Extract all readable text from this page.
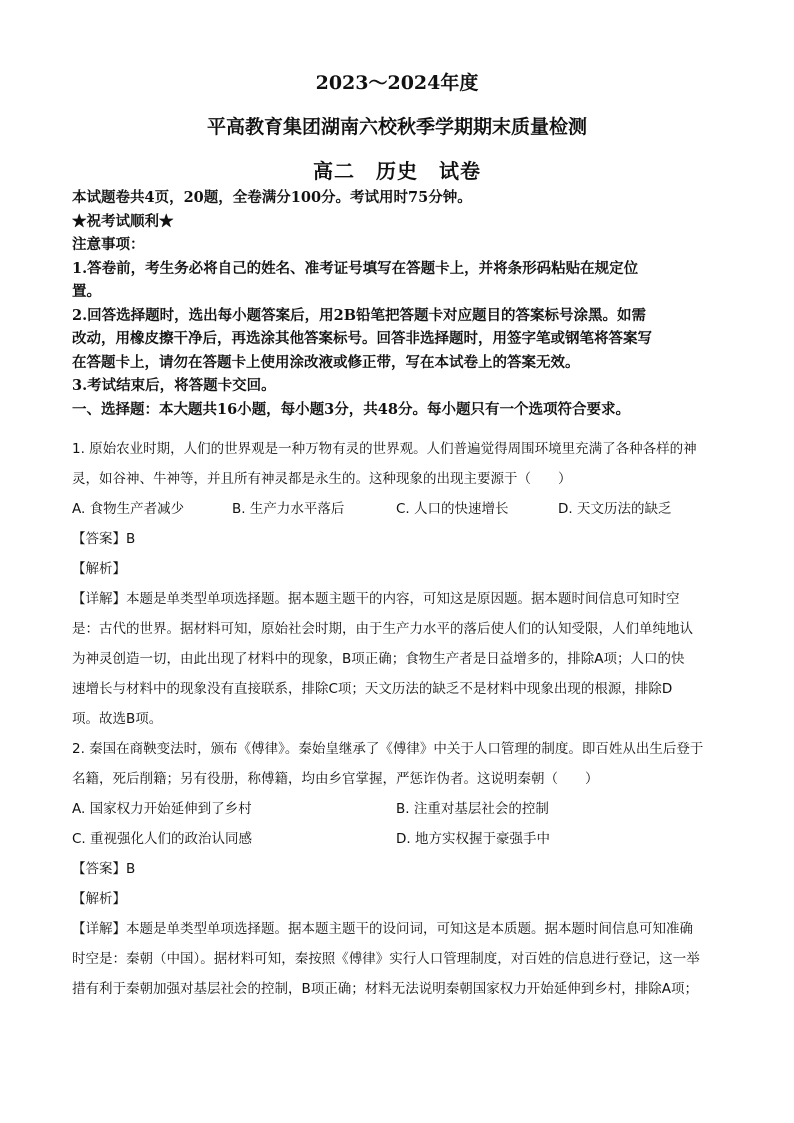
2023～2024年度
平高教育集团湖南六校秋季学期期末质量检测
高二　历史　试卷
本试题卷共4页，20题，全卷满分100分。考试用时75分钟。
★祝考试顺利★
注意事项：
1.答卷前，考生务必将自己的姓名、准考证号填写在答题卡上，并将条形码粘贴在规定位
置。
2.回答选择题时，选出每小题答案后，用2B铅笔把答题卡对应题目的答案标号涂黑。如需
改动，用橡皮擦干净后，再选涂其他答案标号。回答非选择题时，用签字笔或钢笔将答案写
在答题卡上，请勿在答题卡上使用涂改液或修正带，写在本试卷上的答案无效。
3.考试结束后，将答题卡交回。
一、选择题：本大题共16小题，每小题3分，共48分。每小题只有一个选项符合要求。
1. 原始农业时期，人们的世界观是一种万物有灵的世界观。人们普遍觉得周围环境里充满了各种各样的神
灵，如谷神、牛神等，并且所有神灵都是永生的。这种现象的出现主要源于（　　）
A. 食物生产者减少	B. 生产力水平落后	C. 人口的快速增长	D. 天文历法的缺乏
【答案】B
【解析】
【详解】本题是单类型单项选择题。据本题主题干的内容，可知这是原因题。据本题时间信息可知时空
是：古代的世界。据材料可知，原始社会时期，由于生产力水平的落后使人们的认知受限，人们单纯地认
为神灵创造一切，由此出现了材料中的现象，B项正确；食物生产者是日益增多的，排除A项；人口的快
速增长与材料中的现象没有直接联系，排除C项；天文历法的缺乏不是材料中现象出现的根源，排除D
项。故选B项。
2. 秦国在商鞅变法时，颁布《傅律》。秦始皇继承了《傅律》中关于人口管理的制度。即百姓从出生后登于
名籍，死后削籍；另有役册，称傅籍，均由乡官掌握，严惩诈伪者。这说明秦朝（　　）
A. 国家权力开始延伸到了乡村	B. 注重对基层社会的控制
C. 重视强化人们的政治认同感	D. 地方实权握于豪强手中
【答案】B
【解析】
【详解】本题是单类型单项选择题。据本题主题干的设问词，可知这是本质题。据本题时间信息可知准确
时空是：秦朝（中国）。据材料可知，秦按照《傅律》实行人口管理制度，对百姓的信息进行登记，这一举
措有利于秦朝加强对基层社会的控制，B项正确；材料无法说明秦朝国家权力开始延伸到乡村，排除A项；
